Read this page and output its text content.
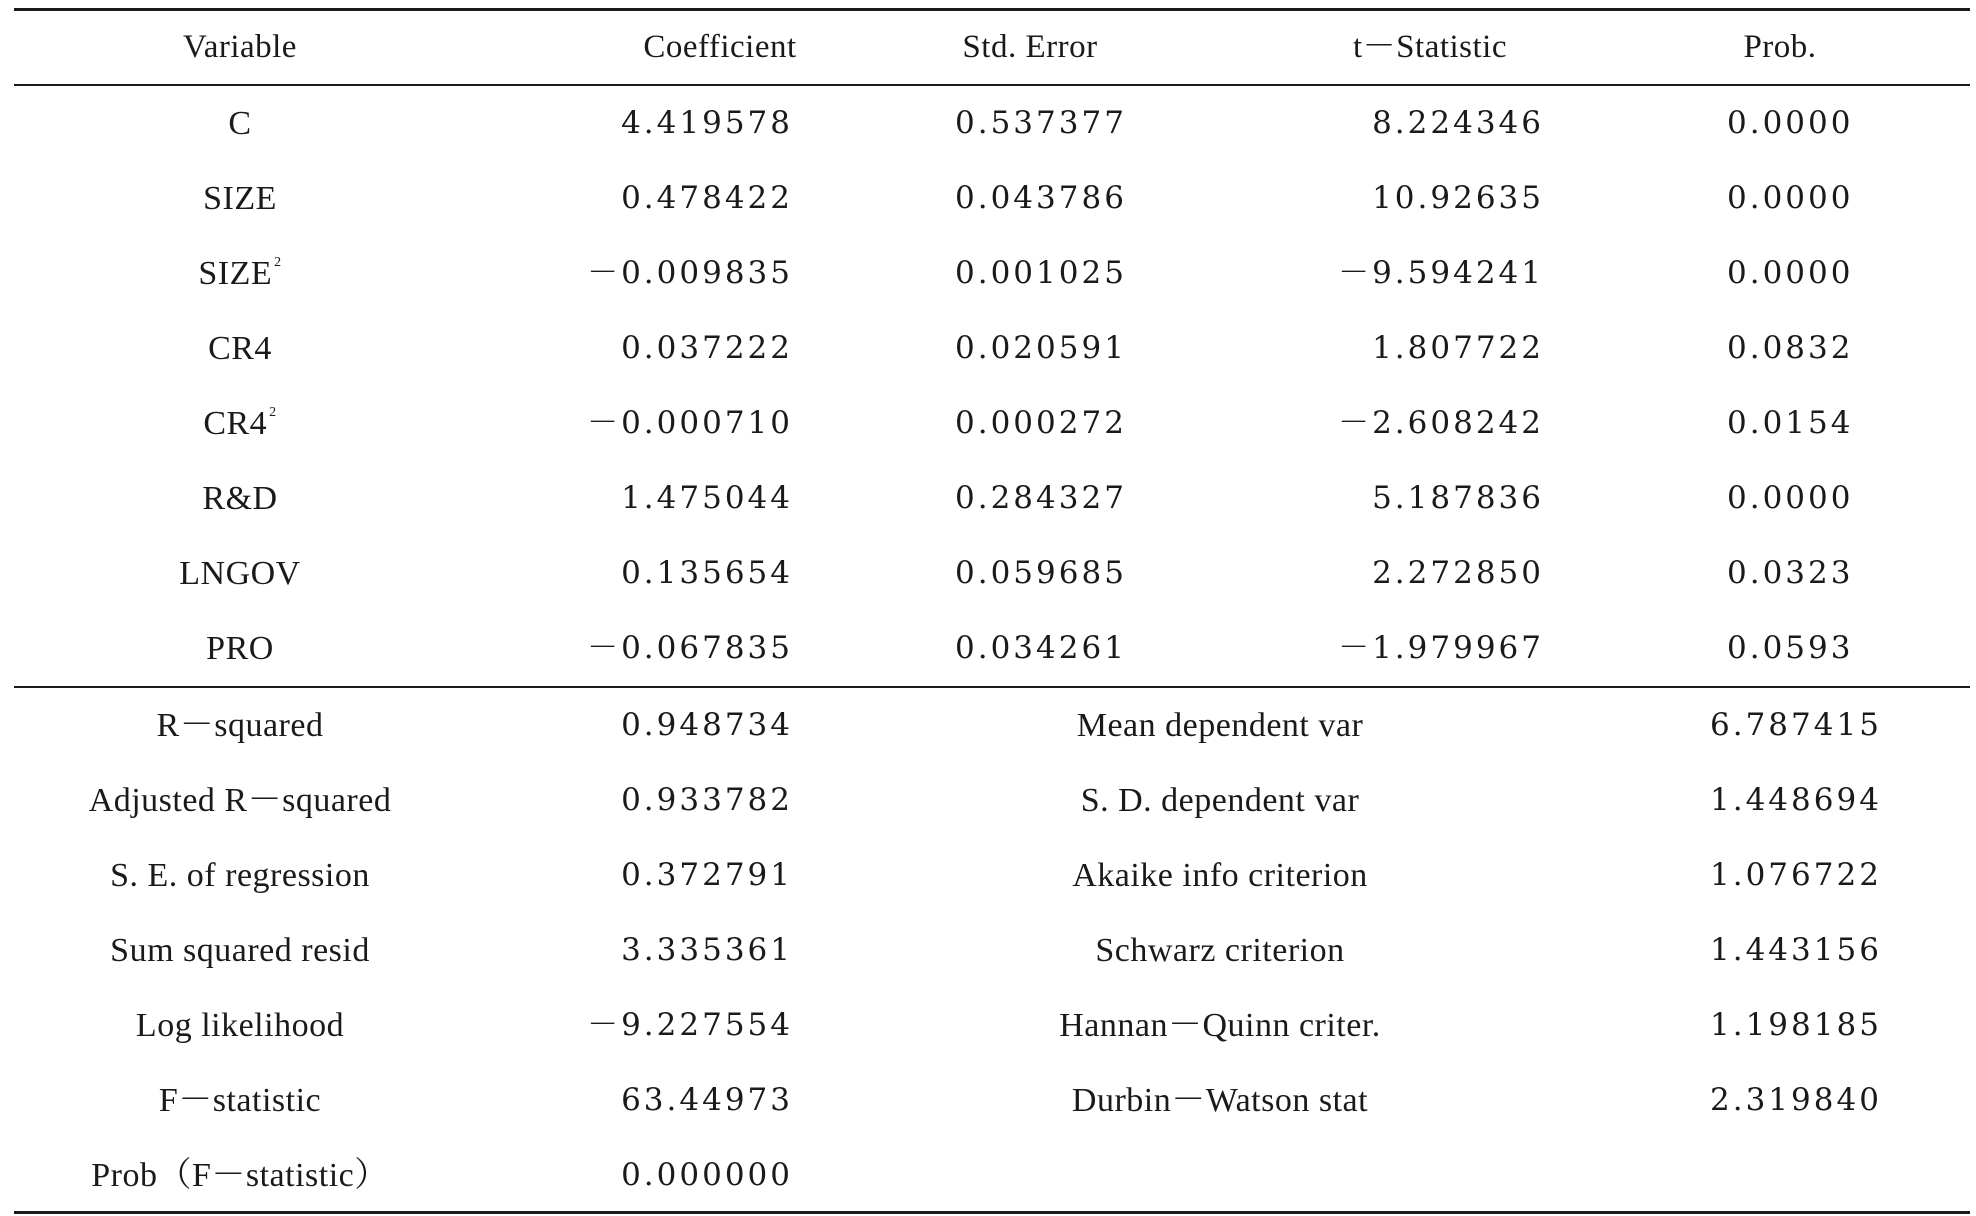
Variable	Coefficient	Std. Error	t－Statistic	Prob.
C	4.419578	0.537377	8.224346	0.0000
SIZE	0.478422	0.043786	10.92635	0.0000
SIZE $^2$	－0.009835	0.001025	－9.594241	0.0000
CR4	0.037222	0.020591	1.807722	0.0832
CR4 $^2$	－0.000710	0.000272	－2.608242	0.0154
R&D	1.475044	0.284327	5.187836	0.0000
LNGOV	0.135654	0.059685	2.272850	0.0323
PRO	－0.067835	0.034261	－1.979967	0.0593
R－squared	0.948734	Mean dependent var	6.787415
Adjusted R－squared	0.933782	S. D. dependent var	1.448694
S. E. of regression	0.372791	Akaike info criterion	1.076722
Sum squared resid	3.335361	Schwarz criterion	1.443156
Log likelihood	－9.227554	Hannan－Quinn criter.	1.198185
F－statistic	63.44973	Durbin－Watson stat	2.319840
Prob（F－statistic）	0.000000
